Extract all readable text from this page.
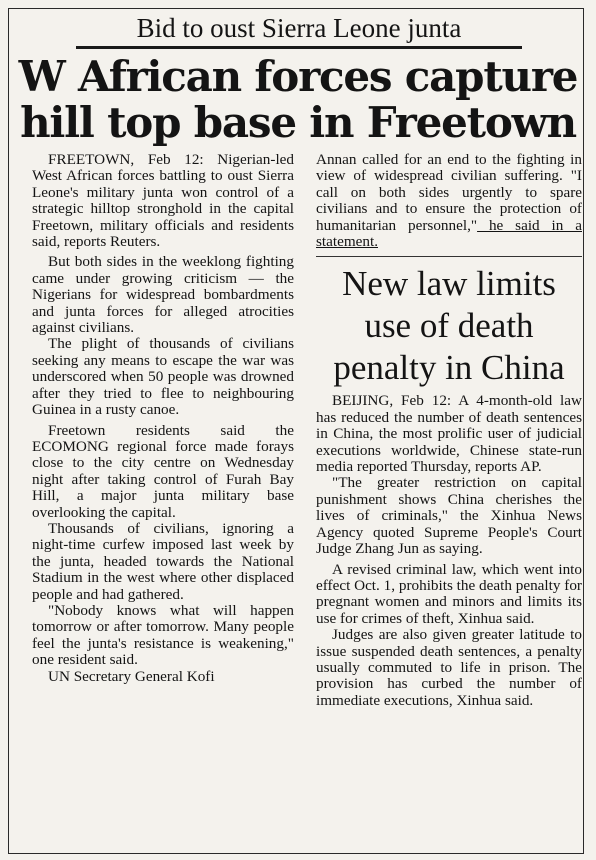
Bid to oust Sierra Leone junta
W African forces capture hill top base in Freetown

FREETOWN, Feb 12: Nigerian-led West African forces battling to oust Sierra Leone's military junta won control of a strategic hilltop stronghold in the capital Freetown, military officials and residents said, reports Reuters.

But both sides in the weeklong fighting came under growing criticism — the Nigerians for widespread bombardments and junta forces for alleged atrocities against civilians.

The plight of thousands of civilians seeking any means to escape the war was underscored when 50 people was drowned after they tried to flee to neighbouring Guinea in a rusty canoe.

Freetown residents said the ECOMONG regional force made forays close to the city centre on Wednesday night after taking control of Furah Bay Hill, a major junta military base overlooking the capital.

Thousands of civilians, ignoring a night-time curfew imposed last week by the junta, headed towards the National Stadium in the west where other displaced people and had gathered.

"Nobody knows what will happen tomorrow or after tomorrow. Many people feel the junta's resistance is weakening," one resident said.

UN Secretary General Kofi

Annan called for an end to the fighting in view of widespread civilian suffering. "I call on both sides urgently to spare civilians and to ensure the protection of humanitarian personnel," he said in a statement.

New law limits use of death penalty in China

BEIJING, Feb 12: A 4-month-old law has reduced the number of death sentences in China, the most prolific user of judicial executions worldwide, Chinese state-run media reported Thursday, reports AP.

"The greater restriction on capital punishment shows China cherishes the lives of criminals," the Xinhua News Agency quoted Supreme People's Court Judge Zhang Jun as saying.

A revised criminal law, which went into effect Oct. 1, prohibits the death penalty for pregnant women and minors and limits its use for crimes of theft, Xinhua said.

Judges are also given greater latitude to issue suspended death sentences, a penalty usually commuted to life in prison. The provision has curbed the number of immediate executions, Xinhua said.
